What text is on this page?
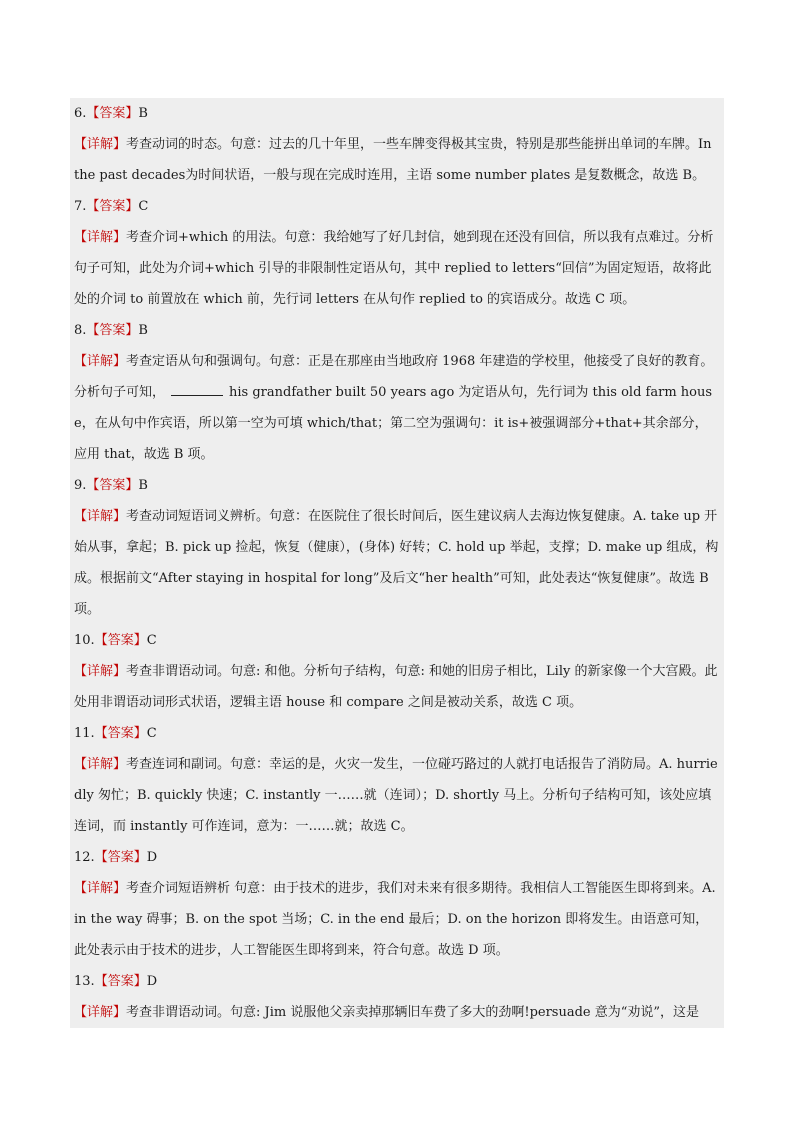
6.【答案】B

【详解】考查动词的时态。句意：过去的几十年里，一些车牌变得极其宝贵，特别是那些能拼出单词的车牌。In the past decades为时间状语，一般与现在完成时连用，主语 some number plates 是复数概念，故选 B。

7.【答案】C

【详解】考查介词+which 的用法。句意：我给她写了好几封信，她到现在还没有回信，所以我有点难过。分析句子可知，此处为介词+which 引导的非限制性定语从句，其中 replied to letters“回信”为固定短语，故将此处的介词 to 前置放在 which 前，先行词 letters 在从句作 replied to 的宾语成分。故选 C 项。

8.【答案】B

【详解】考查定语从句和强调句。句意：正是在那座由当地政府 1968 年建造的学校里，他接受了良好的教育。分析句子可知，	his grandfather built 50 years ago 为定语从句，先行词为 this old farm house，在从句中作宾语，所以第一空为可填 which/that；第二空为强调句：it is+被强调部分+that+其余部分，应用 that，故选 B 项。

9.【答案】B

【详解】考查动词短语词义辨析。句意：在医院住了很长时间后，医生建议病人去海边恢复健康。A. take up 开始从事，拿起；B. pick up 捡起，恢复（健康），(身体) 好转；C. hold up 举起，支撑；D. make up 组成，构成。根据前文“After staying in hospital for long”及后文“her health”可知，此处表达“恢复健康”。故选 B 项。

10.【答案】C

【详解】考查非谓语动词。句意: 和他。分析句子结构，句意: 和她的旧房子相比，Lily 的新家像一个大宫殿。此处用非谓语动词形式状语，逻辑主语 house 和 compare 之间是被动关系，故选 C 项。

11.【答案】C

【详解】考查连词和副词。句意：幸运的是，火灾一发生，一位碰巧路过的人就打电话报告了消防局。A. hurriedly 匆忙；B. quickly 快速；C. instantly 一……就（连词）；D. shortly 马上。分析句子结构可知，该处应填连词，而 instantly 可作连词，意为：一……就；故选 C。

12.【答案】D

【详解】考查介词短语辨析 句意：由于技术的进步，我们对未来有很多期待。我相信人工智能医生即将到来。A. in the way 碍事；B. on the spot 当场；C. in the end 最后；D. on the horizon 即将发生。由语意可知，此处表示由于技术的进步，人工智能医生即将到来，符合句意。故选 D 项。

13.【答案】D

【详解】考查非谓语动词。句意: Jim 说服他父亲卖掉那辆旧车费了多大的劲啊!persuade 意为“劝说”，这是
